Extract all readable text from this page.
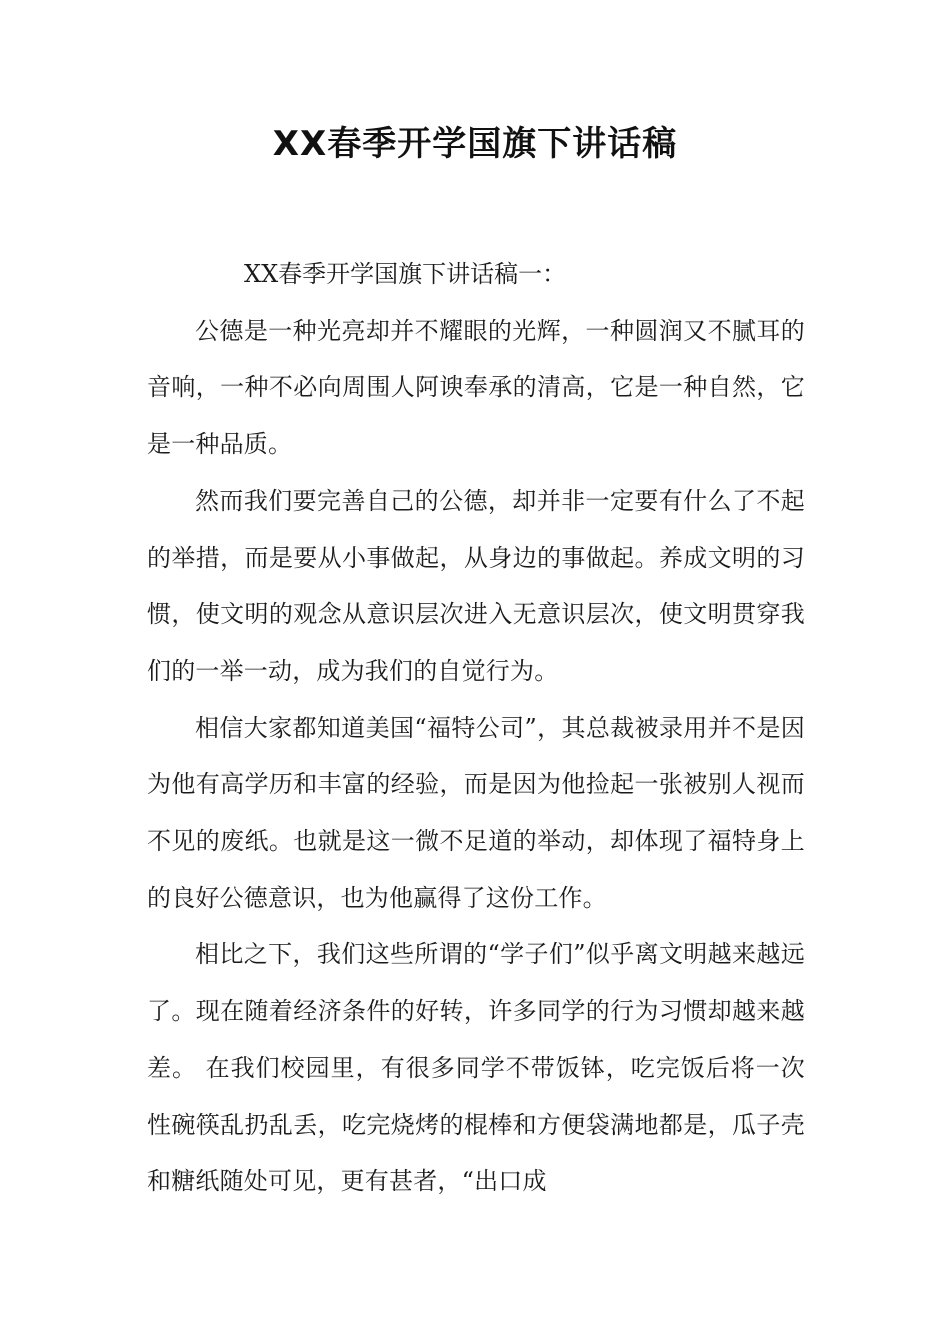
XX春季开学国旗下讲话稿

XX春季开学国旗下讲话稿一：

公德是一种光亮却并不耀眼的光辉，一种圆润又不腻耳的音响，一种不必向周围人阿谀奉承的清高，它是一种自然，它是一种品质。

然而我们要完善自己的公德，却并非一定要有什么了不起的举措，而是要从小事做起，从身边的事做起。养成文明的习惯，使文明的观念从意识层次进入无意识层次，使文明贯穿我们的一举一动，成为我们的自觉行为。

相信大家都知道美国“福特公司”，其总裁被录用并不是因为他有高学历和丰富的经验，而是因为他捡起一张被别人视而不见的废纸。也就是这一微不足道的举动，却体现了福特身上的良好公德意识，也为他赢得了这份工作。

相比之下，我们这些所谓的“学子们”似乎离文明越来越远了。现在随着经济条件的好转，许多同学的行为习惯却越来越差。 在我们校园里，有很多同学不带饭钵，吃完饭后将一次性碗筷乱扔乱丢，吃完烧烤的棍棒和方便袋满地都是，瓜子壳和糖纸随处可见，更有甚者，“出口成
